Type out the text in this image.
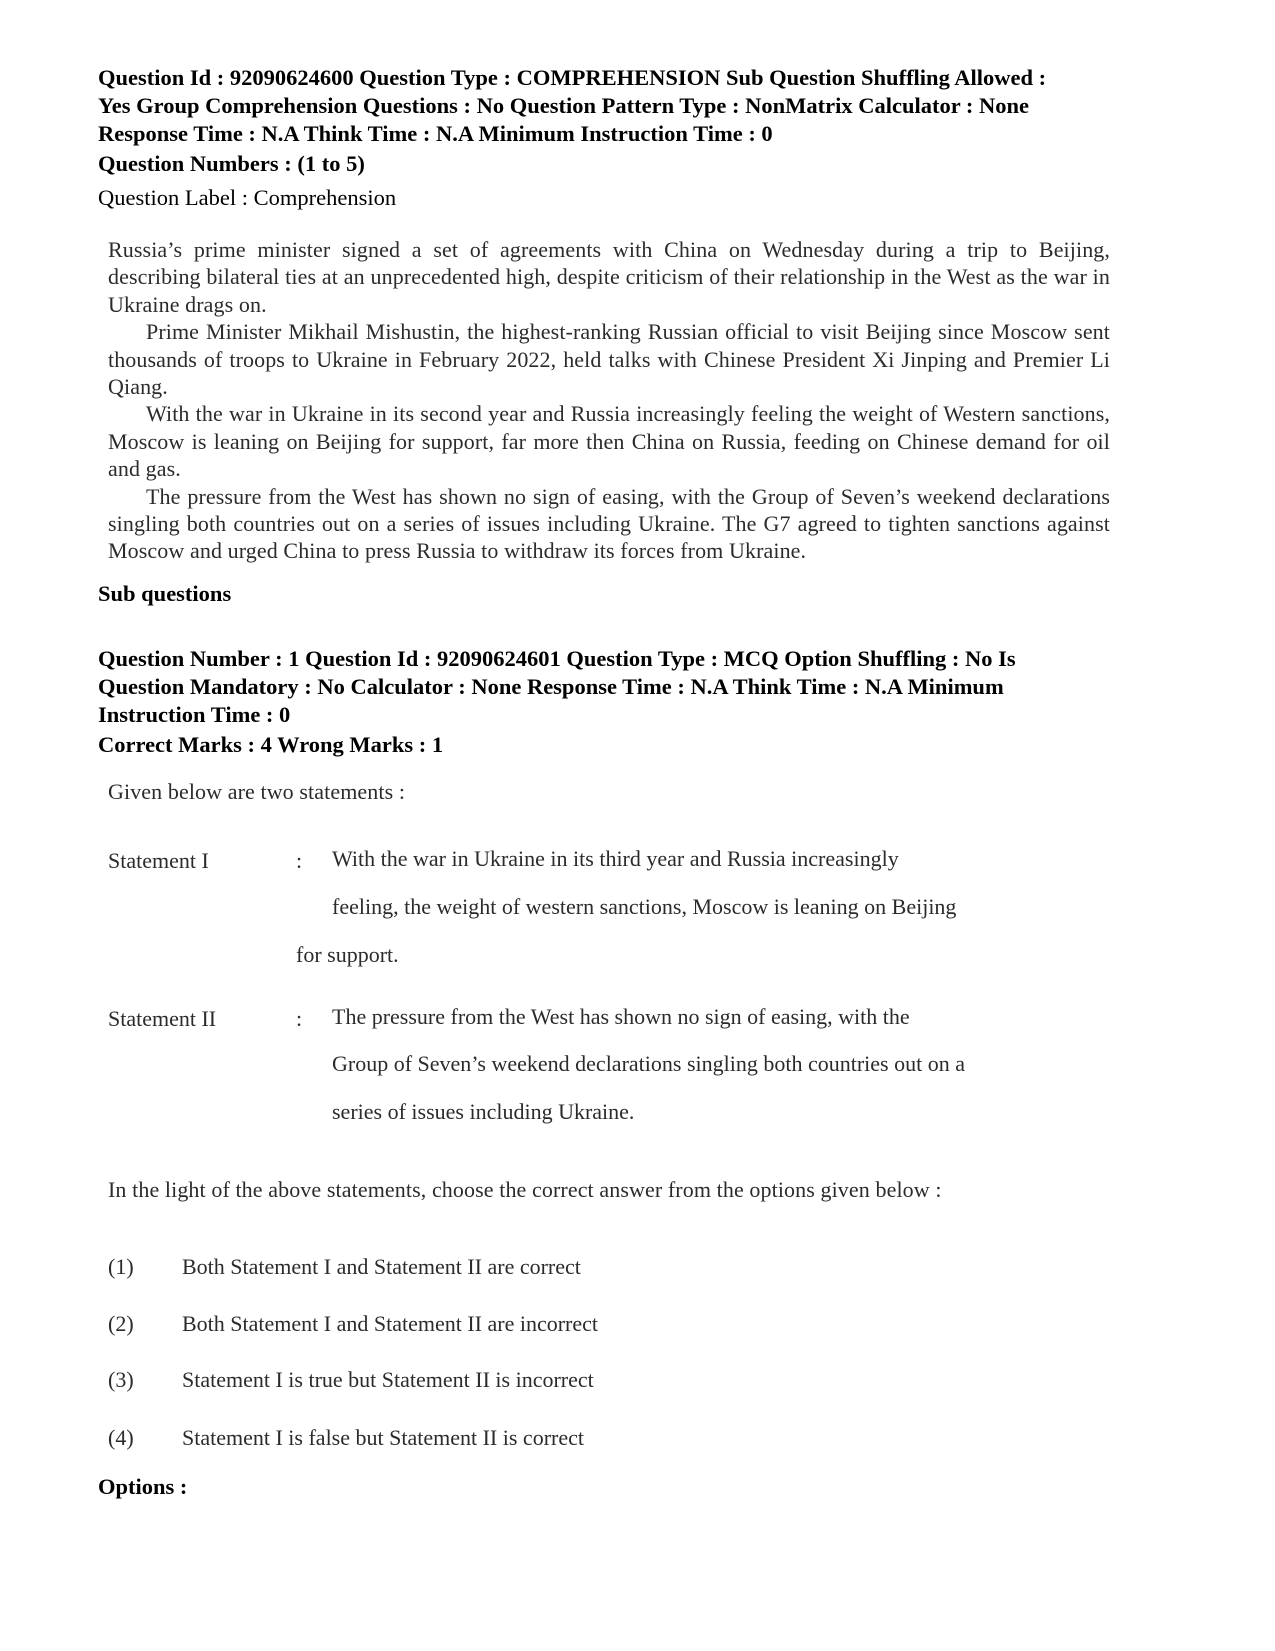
Question Id : 92090624600 Question Type : COMPREHENSION Sub Question Shuffling Allowed :
Yes Group Comprehension Questions : No Question Pattern Type : NonMatrix Calculator : None
Response Time : N.A Think Time : N.A Minimum Instruction Time : 0
Question Numbers : (1 to 5)
Question Label : Comprehension

Russia’s prime minister signed a set of agreements with China on Wednesday during a trip to Beijing, describing bilateral ties at an unprecedented high, despite criticism of their relationship in the West as the war in Ukraine drags on.

Prime Minister Mikhail Mishustin, the highest-ranking Russian official to visit Beijing since Moscow sent thousands of troops to Ukraine in February 2022, held talks with Chinese President Xi Jinping and Premier Li Qiang.

With the war in Ukraine in its second year and Russia increasingly feeling the weight of Western sanctions, Moscow is leaning on Beijing for support, far more then China on Russia, feeding on Chinese demand for oil and gas.

The pressure from the West has shown no sign of easing, with the Group of Seven’s weekend declarations singling both countries out on a series of issues including Ukraine. The G7 agreed to tighten sanctions against Moscow and urged China to press Russia to withdraw its forces from Ukraine.

Sub questions
Question Number : 1 Question Id : 92090624601 Question Type : MCQ Option Shuffling : No Is
Question Mandatory : No Calculator : None Response Time : N.A Think Time : N.A Minimum
Instruction Time : 0
Correct Marks : 4 Wrong Marks : 1
Given below are two statements :
Statement I	: With the war in Ukraine in its third year and Russia increasingly
feeling, the weight of western sanctions, Moscow is leaning on Beijing
for support.
Statement II	: The pressure from the West has shown no sign of easing, with the
Group of Seven’s weekend declarations singling both countries out on a
series of issues including Ukraine.
In the light of the above statements, choose the correct answer from the options given below :
(1) Both Statement I and Statement II are correct
(2) Both Statement I and Statement II are incorrect
(3) Statement I is true but Statement II is incorrect
(4) Statement I is false but Statement II is correct
Options :
